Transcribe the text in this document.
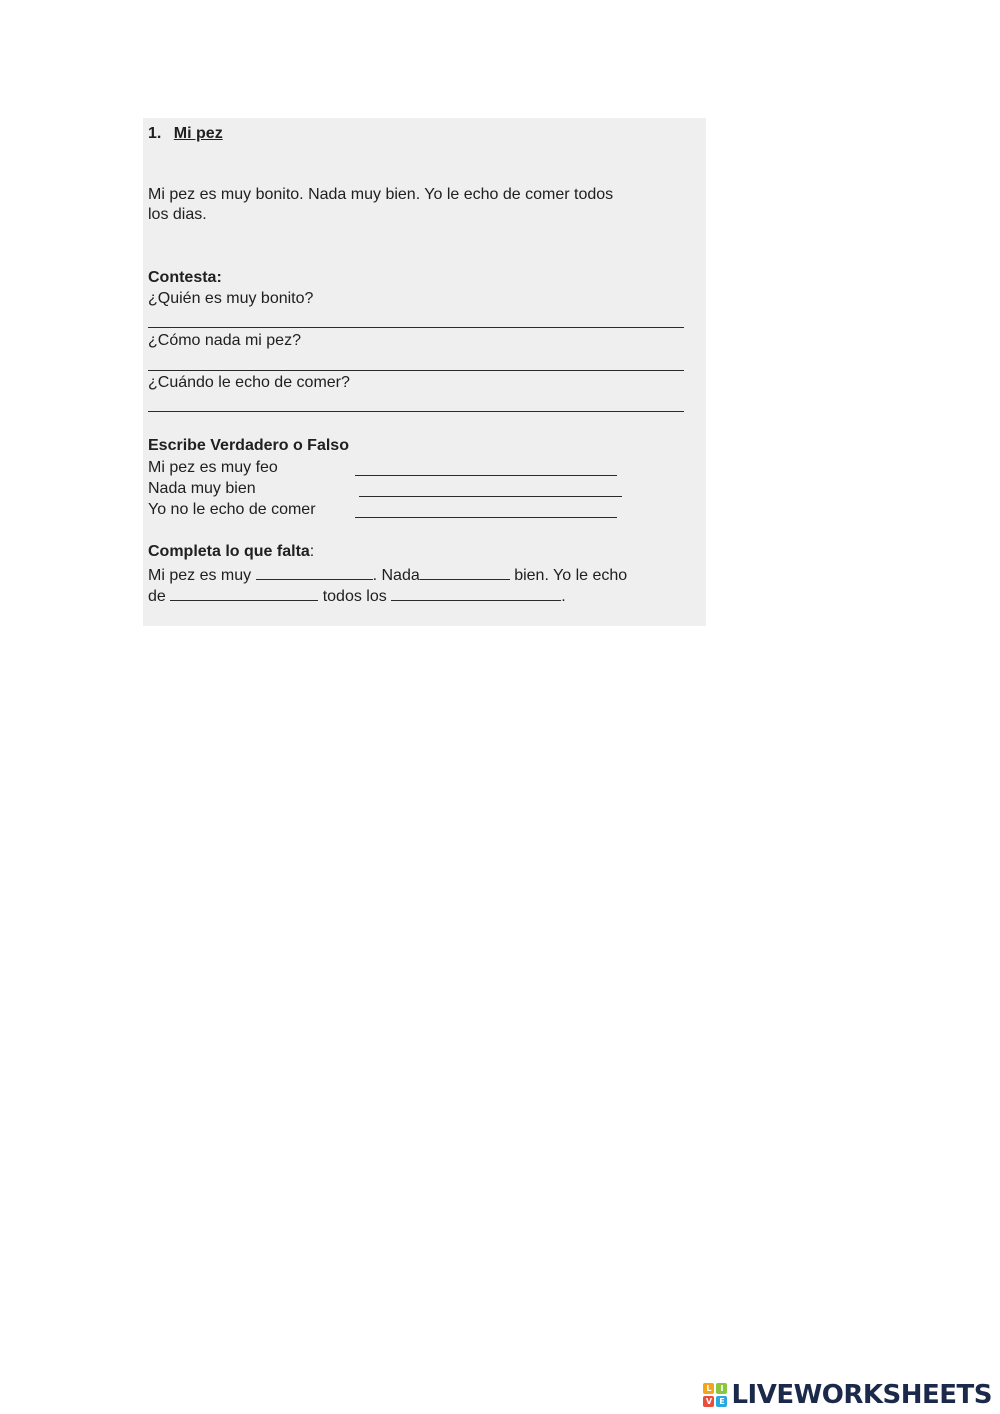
1. Mi pez
Mi pez es muy bonito. Nada muy bien. Yo le echo de comer todos
los dias.
Contesta:
¿Quién es muy bonito?
¿Cómo nada mi pez?
¿Cuándo le echo de comer?
Escribe Verdadero o Falso
Mi pez es muy feo
Nada muy bien
Yo no le echo de comer
Completa lo que falta:
Mi pez es muy	. Nada	bien. Yo le echo
de	todos los	.
L	I
V E LIVEWORKSHEETS
